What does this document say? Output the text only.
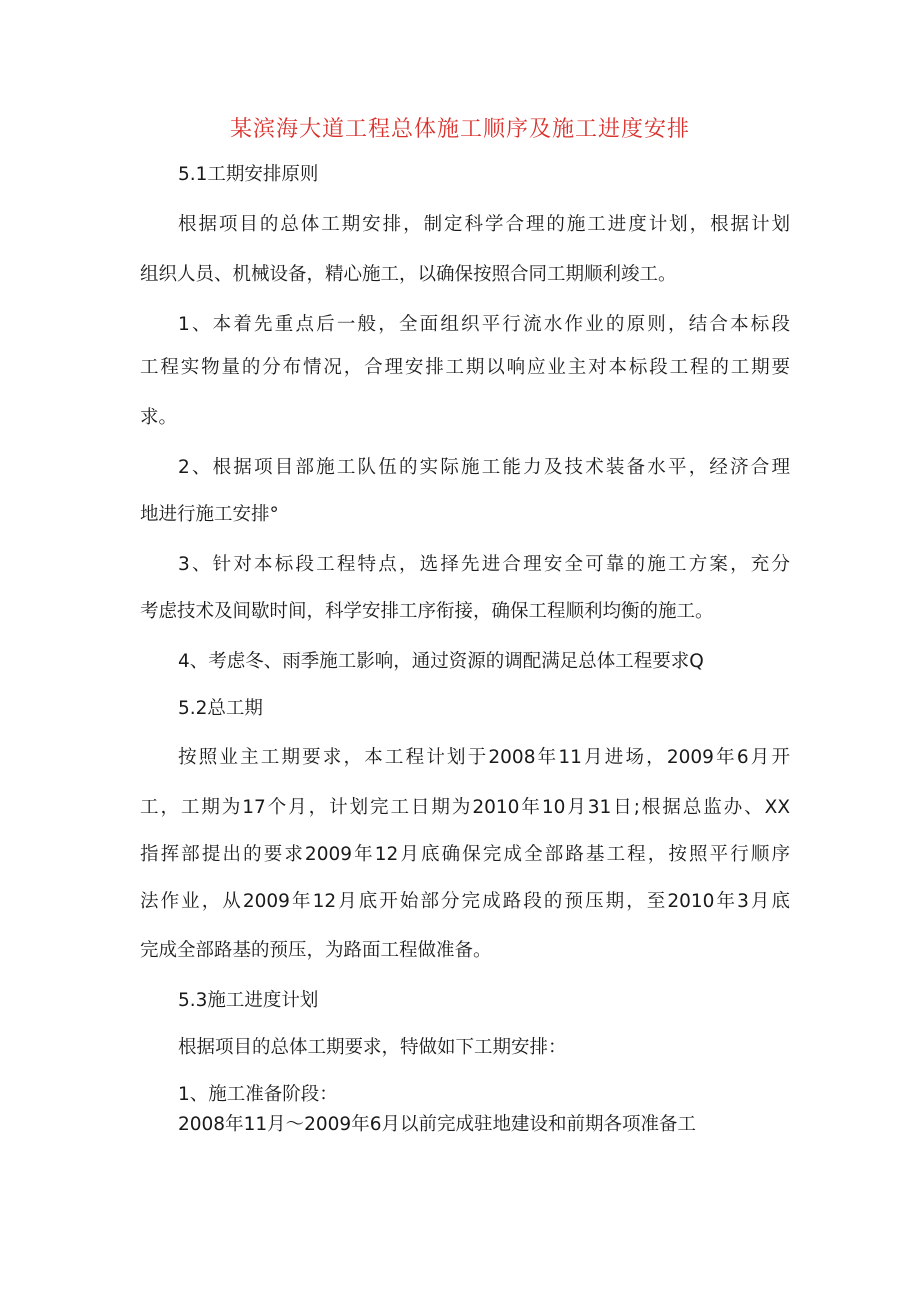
某滨海大道工程总体施工顺序及施工进度安排
5.1工期安排原则
根据项目的总体工期安排，制定科学合理的施工进度计划，根据计划
组织人员、机械设备，精心施工，以确保按照合同工期顺利竣工。
1、本着先重点后一般，全面组织平行流水作业的原则，结合本标段
工程实物量的分布情况，合理安排工期以响应业主对本标段工程的工期要
求。
2、根据项目部施工队伍的实际施工能力及技术装备水平，经济合理
地进行施工安排°
3、针对本标段工程特点，选择先进合理安全可靠的施工方案，充分
考虑技术及间歇时间，科学安排工序衔接，确保工程顺利均衡的施工。
4、考虑冬、雨季施工影响，通过资源的调配满足总体工程要求Q
5.2总工期
按照业主工期要求，本工程计划于2008年11月进场，2009年6月开
工，工期为17个月，计划完工日期为2010年10月31日;根据总监办、XX
指挥部提出的要求2009年12月底确保完成全部路基工程，按照平行顺序
法作业，从2009年12月底开始部分完成路段的预压期，至2010年3月底
完成全部路基的预压，为路面工程做准备。
5.3施工进度计划
根据项目的总体工期要求，特做如下工期安排：
1、施工准备阶段：
2008年11月～2009年6月以前完成驻地建设和前期各项准备工
